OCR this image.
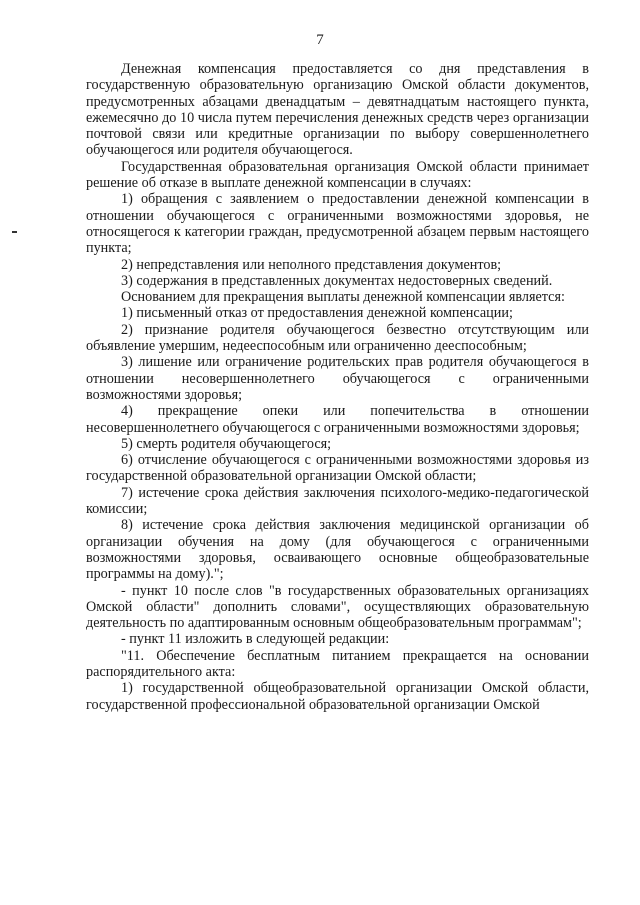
7

Денежная компенсация предоставляется со дня представления в государственную образовательную организацию Омской области документов, предусмотренных абзацами двенадцатым – девятнадцатым настоящего пункта, ежемесячно до 10 числа путем перечисления денежных средств через организации почтовой связи или кредитные организации по выбору совершеннолетнего обучающегося или родителя обучающегося.

Государственная образовательная организация Омской области принимает решение об отказе в выплате денежной компенсации в случаях:

1) обращения с заявлением о предоставлении денежной компенсации в отношении обучающегося с ограниченными возможностями здоровья, не относящегося к категории граждан, предусмотренной абзацем первым настоящего пункта;

2) непредставления или неполного представления документов;

3) содержания в представленных документах недостоверных сведений.

Основанием для прекращения выплаты денежной компенсации является:

1) письменный отказ от предоставления денежной компенсации;

2) признание родителя обучающегося безвестно отсутствующим или объявление умершим, недееспособным или ограниченно дееспособным;

3) лишение или ограничение родительских прав родителя обучающегося в отношении несовершеннолетнего обучающегося с ограниченными возможностями здоровья;

4) прекращение опеки или попечительства в отношении несовершеннолетнего обучающегося с ограниченными возможностями здоровья;

5) смерть родителя обучающегося;

6) отчисление обучающегося с ограниченными возможностями здоровья из государственной образовательной организации Омской области;

7) истечение срока действия заключения психолого-медико-педагогической комиссии;

8) истечение срока действия заключения медицинской организации об организации обучения на дому (для обучающегося с ограниченными возможностями здоровья, осваивающего основные общеобразовательные программы на дому).";

- пункт 10 после слов "в государственных образовательных организациях Омской области" дополнить словами", осуществляющих образовательную деятельность по адаптированным основным общеобразовательным программам";

- пункт 11 изложить в следующей редакции:

"11. Обеспечение бесплатным питанием прекращается на основании распорядительного акта:

1) государственной общеобразовательной организации Омской области, государственной профессиональной образовательной организации Омской
